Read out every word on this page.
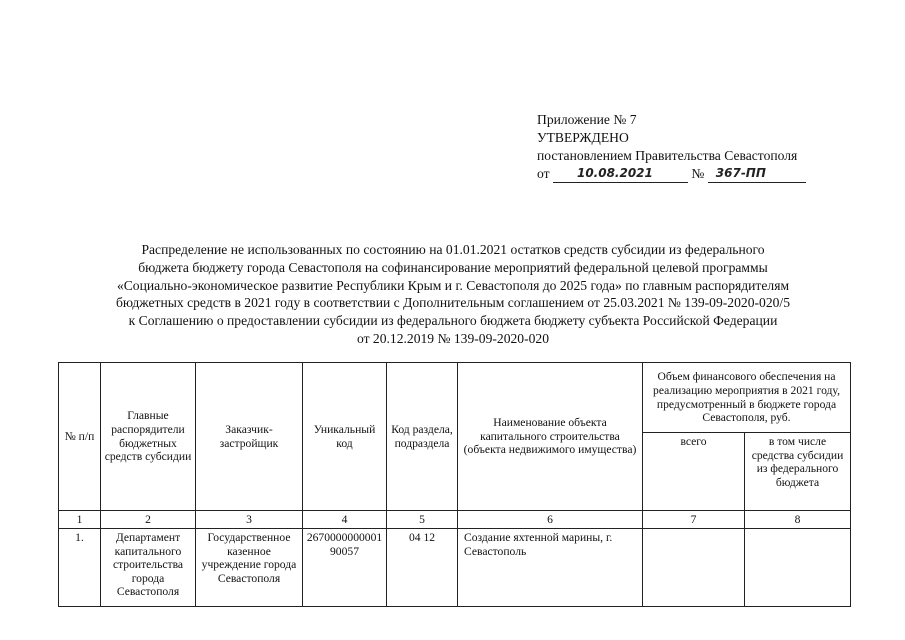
Приложение № 7
УТВЕРЖДЕНО
постановлением Правительства Севастополя
от 10.08.2021	№ 367-ПП
Распределение не использованных по состоянию на 01.01.2021 остатков средств субсидии из федерального
бюджета бюджету города Севастополя на софинансирование мероприятий федеральной целевой программы
«Социально-экономическое развитие Республики Крым и г. Севастополя до 2025 года» по главным распорядителям
бюджетных средств в 2021 году в соответствии с Дополнительным соглашением от 25.03.2021 № 139-09-2020-020/5
к Соглашению о предоставлении субсидии из федерального бюджета бюджету субъекта Российской Федерации
от 20.12.2019 № 139-09-2020-020
№ п/п	Главные распорядители бюджетных средств субсидии	Заказчик-застройщик	Уникальный код	Код раздела, подраздела	Наименование объекта капитального строительства (объекта недвижимого имущества)	Объем финансового обеспечения на реализацию мероприятия в 2021 году, предусмотренный в бюджете города Севастополя, руб.	
						всего	в том числе средства субсидии из федерального бюджета
1	2	3	4	5	6	7	8
1.	Департамент капитального строительства города Севастополя	Государственное казенное учреждение города Севастополя	267000000000190057	04 12	Создание яхтенной марины, г. Севастополь		
